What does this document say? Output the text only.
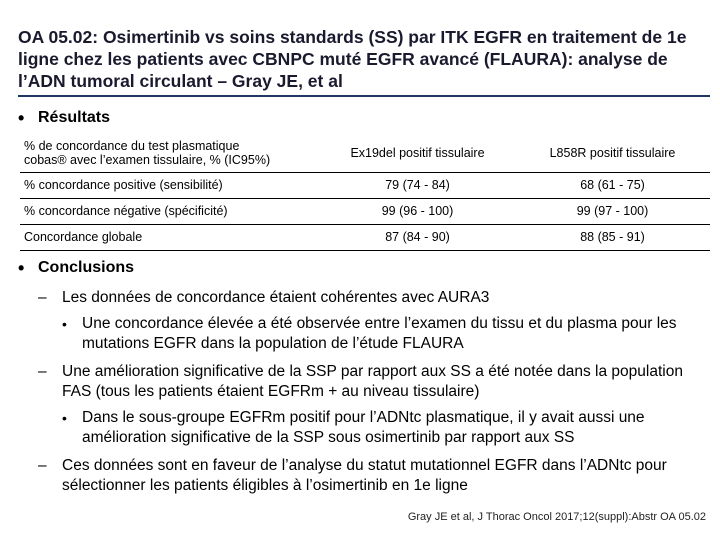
OA 05.02: Osimertinib vs soins standards (SS) par ITK EGFR en traitement de 1e ligne chez les patients avec CBNPC muté EGFR avancé (FLAURA): analyse de l’ADN tumoral circulant – Gray JE, et al
• Résultats
% de concordance du test plasmatique
cobas® avec l’examen tissulaire, % (IC95%)	Ex19del positif tissulaire	L858R positif tissulaire
% concordance positive (sensibilité)	79 (74 - 84)	68 (61 - 75)
% concordance négative (spécificité)	99 (96 - 100)	99 (97 - 100)
Concordance globale	87 (84 - 90)	88 (85 - 91)
• Conclusions
– Les données de concordance étaient cohérentes avec AURA3
• Une concordance élevée a été observée entre l’examen du tissu et du plasma pour les mutations EGFR dans la population de l’étude FLAURA
– Une amélioration significative de la SSP par rapport aux SS a été notée dans la population FAS (tous les patients étaient EGFRm + au niveau tissulaire)
• Dans le sous-groupe EGFRm positif pour l’ADNtc plasmatique, il y avait aussi une amélioration significative de la SSP sous osimertinib par rapport aux SS
– Ces données sont en faveur de l’analyse du statut mutationnel EGFR dans l’ADNtc pour sélectionner les patients éligibles à l’osimertinib en 1e ligne
Gray JE et al, J Thorac Oncol 2017;12(suppl):Abstr OA 05.02
